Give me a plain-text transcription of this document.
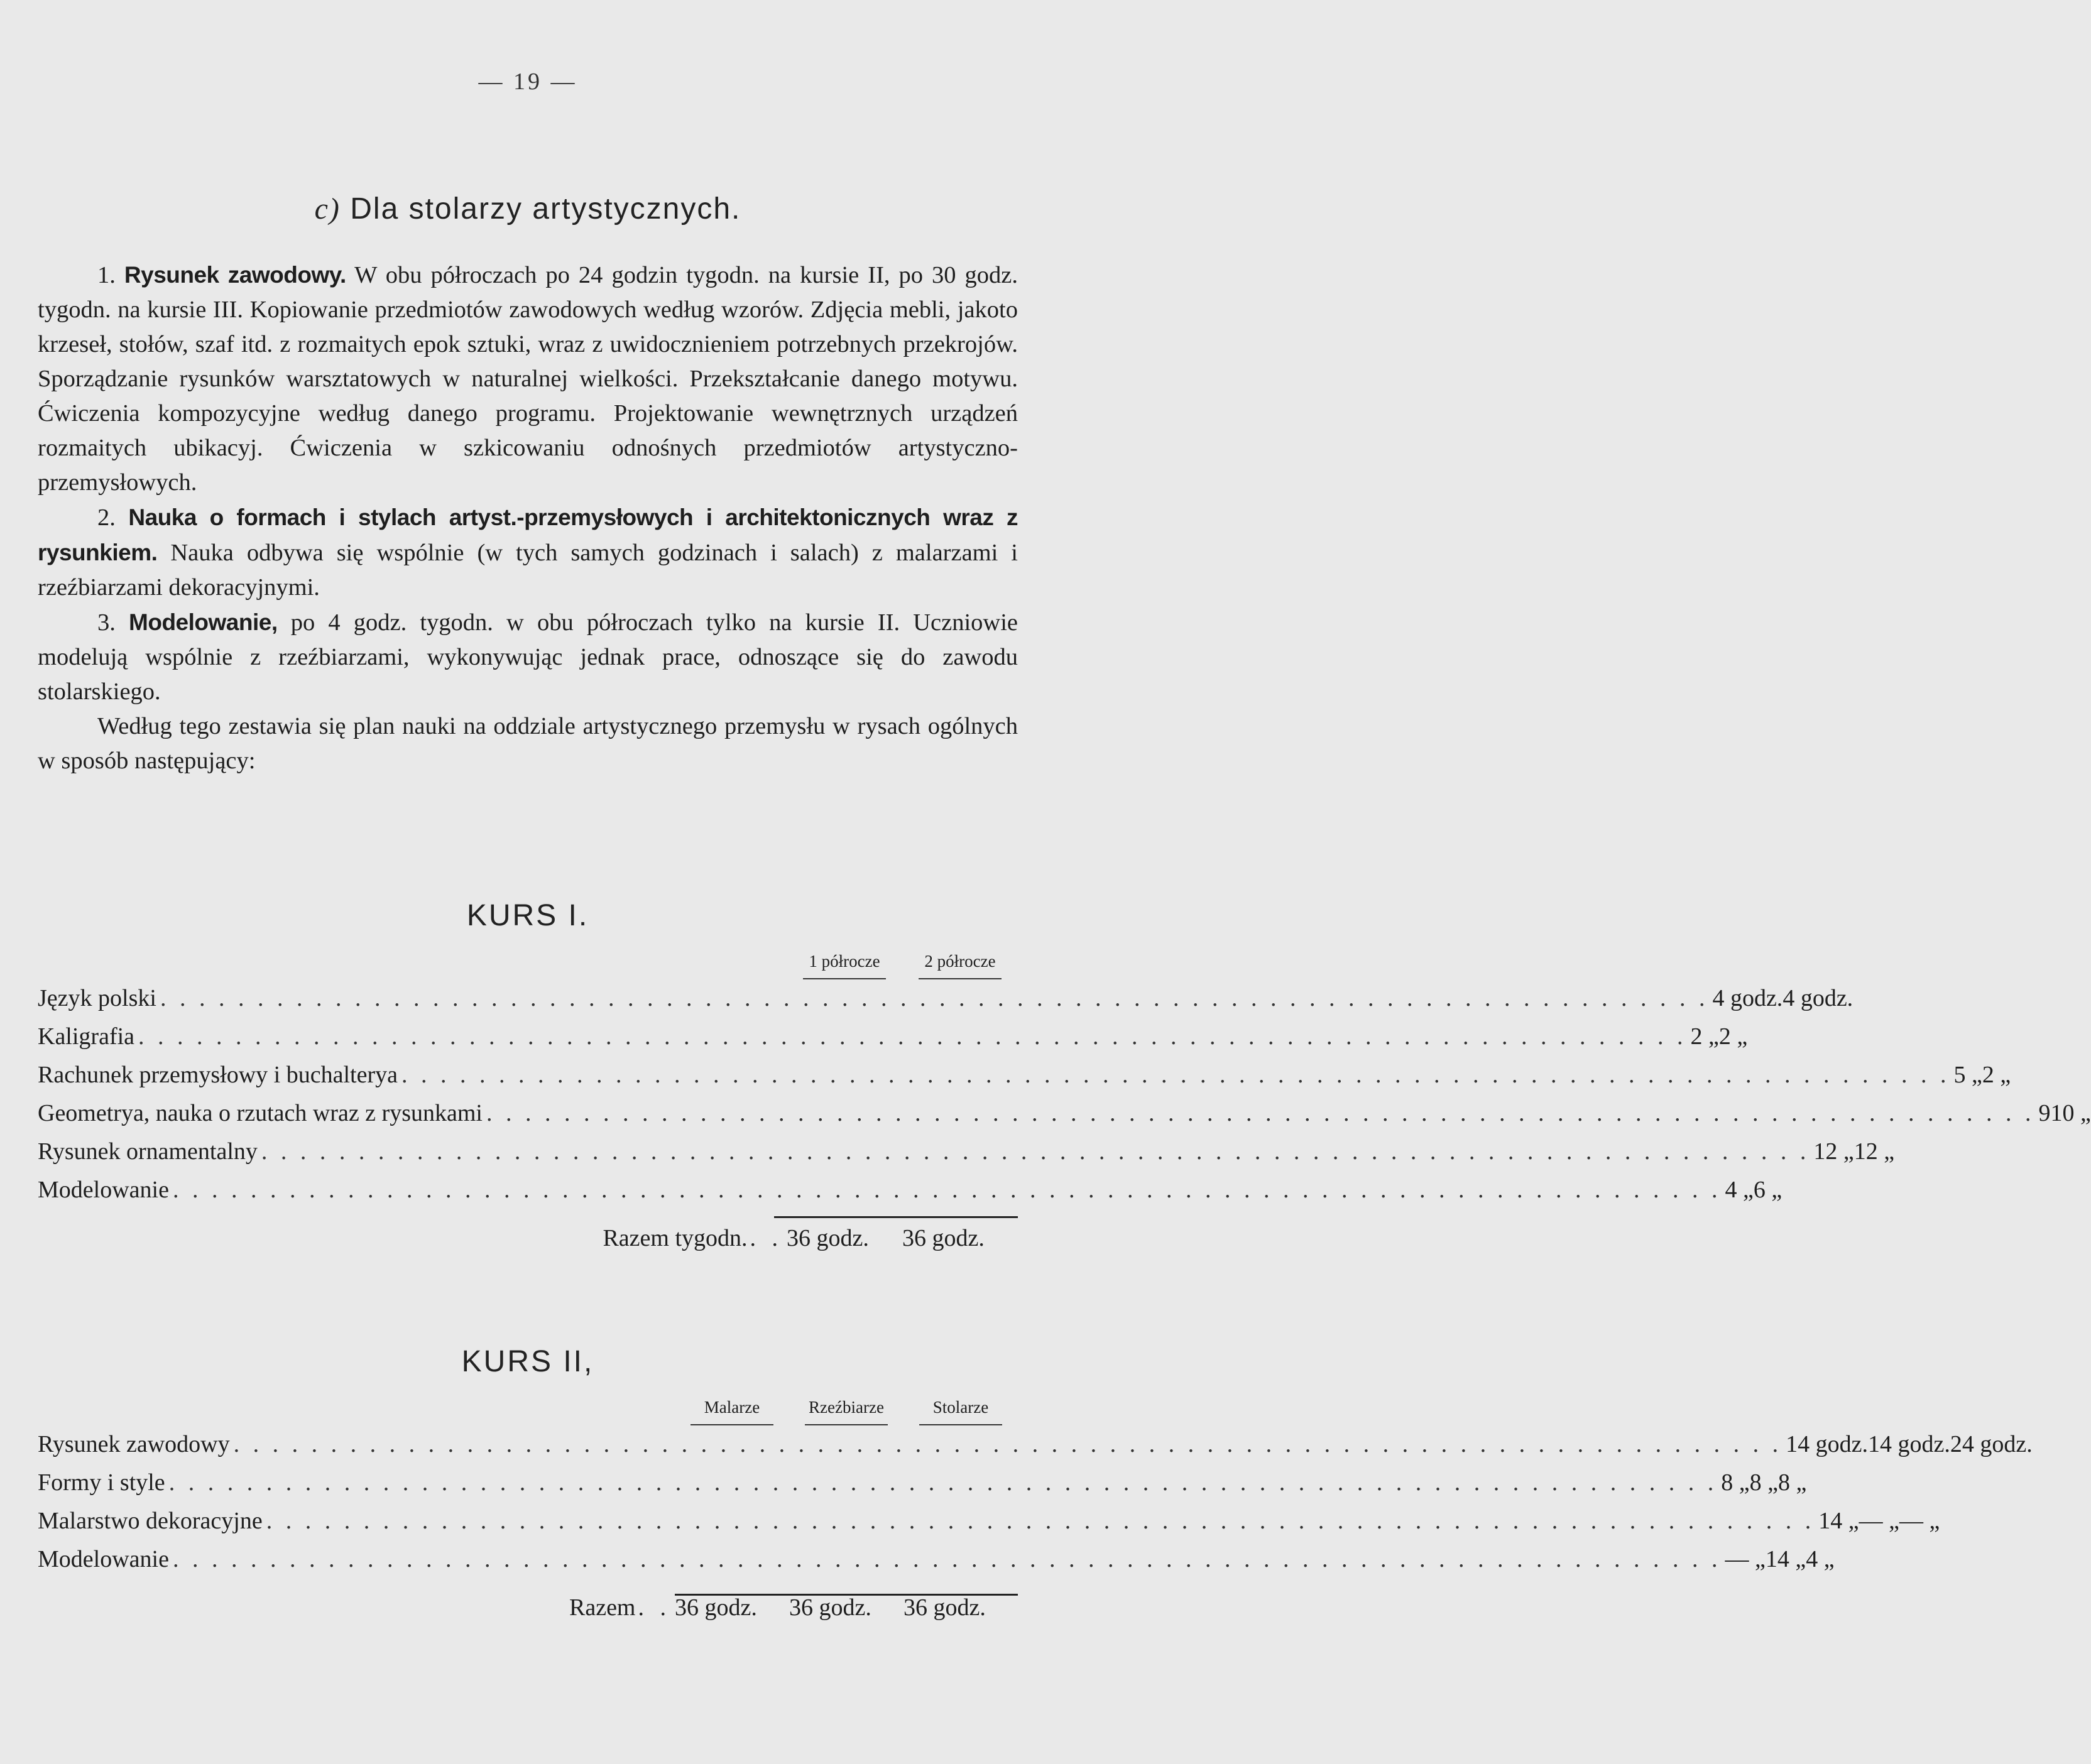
— 19 —
c) Dla stolarzy artystycznych.

1. Rysunek zawodowy. W obu półroczach po 24 godzin tygodn. na kursie II, po 30 godz. tygodn. na kursie III. Kopiowanie przedmiotów zawodowych według wzorów. Zdjęcia mebli, jakoto krzeseł, stołów, szaf itd. z rozmaitych epok sztuki, wraz z uwidocznieniem potrzebnych przekrojów. Sporządzanie rysunków warsztatowych w naturalnej wielkości. Przekształcanie danego motywu. Ćwiczenia kompozycyjne według danego programu. Projektowanie wewnętrznych urządzeń rozmaitych ubikacyj. Ćwiczenia w szkicowaniu odnośnych przedmiotów artystyczno-przemysłowych.

2. Nauka o formach i stylach artyst.-przemysłowych i architektonicznych wraz z rysunkiem. Nauka odbywa się wspólnie (w tych samych godzinach i salach) z malarzami i rzeźbiarzami dekoracyjnymi.

3. Modelowanie, po 4 godz. tygodn. w obu półroczach tylko na kursie II. Uczniowie modelują wspólnie z rzeźbiarzami, wykonywując jednak prace, odnoszące się do zawodu stolarskiego.

Według tego zestawia się plan nauki na oddziale artystycznego przemysłu w rysach ogólnych w sposób następujący:

KURS I.
1 półrocze	2 półrocze
Język polski . . . . . . . . . . . . . . . . . . . . . . . . . . . . . . . . . . . . . . . . . . . . . . . . . . . . . . . . . . . . . . . . . . . . . . . . . . . . . . . . 4 godz. 4 godz.
Kaligrafia . . . . . . . . . . . . . . . . . . . . . . . . . . . . . . . . . . . . . . . . . . . . . . . . . . . . . . . . . . . . . . . . . . . . . . . . . . . . . . . . 2 „ 2 „
Rachunek przemysłowy i buchalterya . . . . . . . . . . . . . . . . . . . . . . . . . . . . . . . . . . . . . . . . . . . . . . . . . . . . . . . . . . . . . . . . . . . . . . . . . . . . . . . . 5 „ 2 „
Geometrya, nauka o rzutach wraz z rysunkami . . . . . . . . . . . . . . . . . . . . . . . . . . . . . . . . . . . . . . . . . . . . . . . . . . . . . . . . . . . . . . . . . . . . . . . . . . . . . . . . 9 10 „
Rysunek ornamentalny . . . . . . . . . . . . . . . . . . . . . . . . . . . . . . . . . . . . . . . . . . . . . . . . . . . . . . . . . . . . . . . . . . . . . . . . . . . . . . . . 12 „ 12 „
Modelowanie . . . . . . . . . . . . . . . . . . . . . . . . . . . . . . . . . . . . . . . . . . . . . . . . . . . . . . . . . . . . . . . . . . . . . . . . . . . . . . . . 4 „ 6 „
Razem tygodn. . . 36 godz.	36 godz.
KURS II,
Malarze	Rzeźbiarze	Stolarze
Rysunek zawodowy . . . . . . . . . . . . . . . . . . . . . . . . . . . . . . . . . . . . . . . . . . . . . . . . . . . . . . . . . . . . . . . . . . . . . . . . . . . . . . . . 14 godz. 14 godz. 24 godz.
Formy i style . . . . . . . . . . . . . . . . . . . . . . . . . . . . . . . . . . . . . . . . . . . . . . . . . . . . . . . . . . . . . . . . . . . . . . . . . . . . . . . . 8 „ 8 „ 8 „
Malarstwo dekoracyjne . . . . . . . . . . . . . . . . . . . . . . . . . . . . . . . . . . . . . . . . . . . . . . . . . . . . . . . . . . . . . . . . . . . . . . . . . . . . . . . . 14 „ — „ — „
Modelowanie . . . . . . . . . . . . . . . . . . . . . . . . . . . . . . . . . . . . . . . . . . . . . . . . . . . . . . . . . . . . . . . . . . . . . . . . . . . . . . . . — „ 14 „ 4 „
Razem . . 36 godz.	36 godz.	36 godz.
